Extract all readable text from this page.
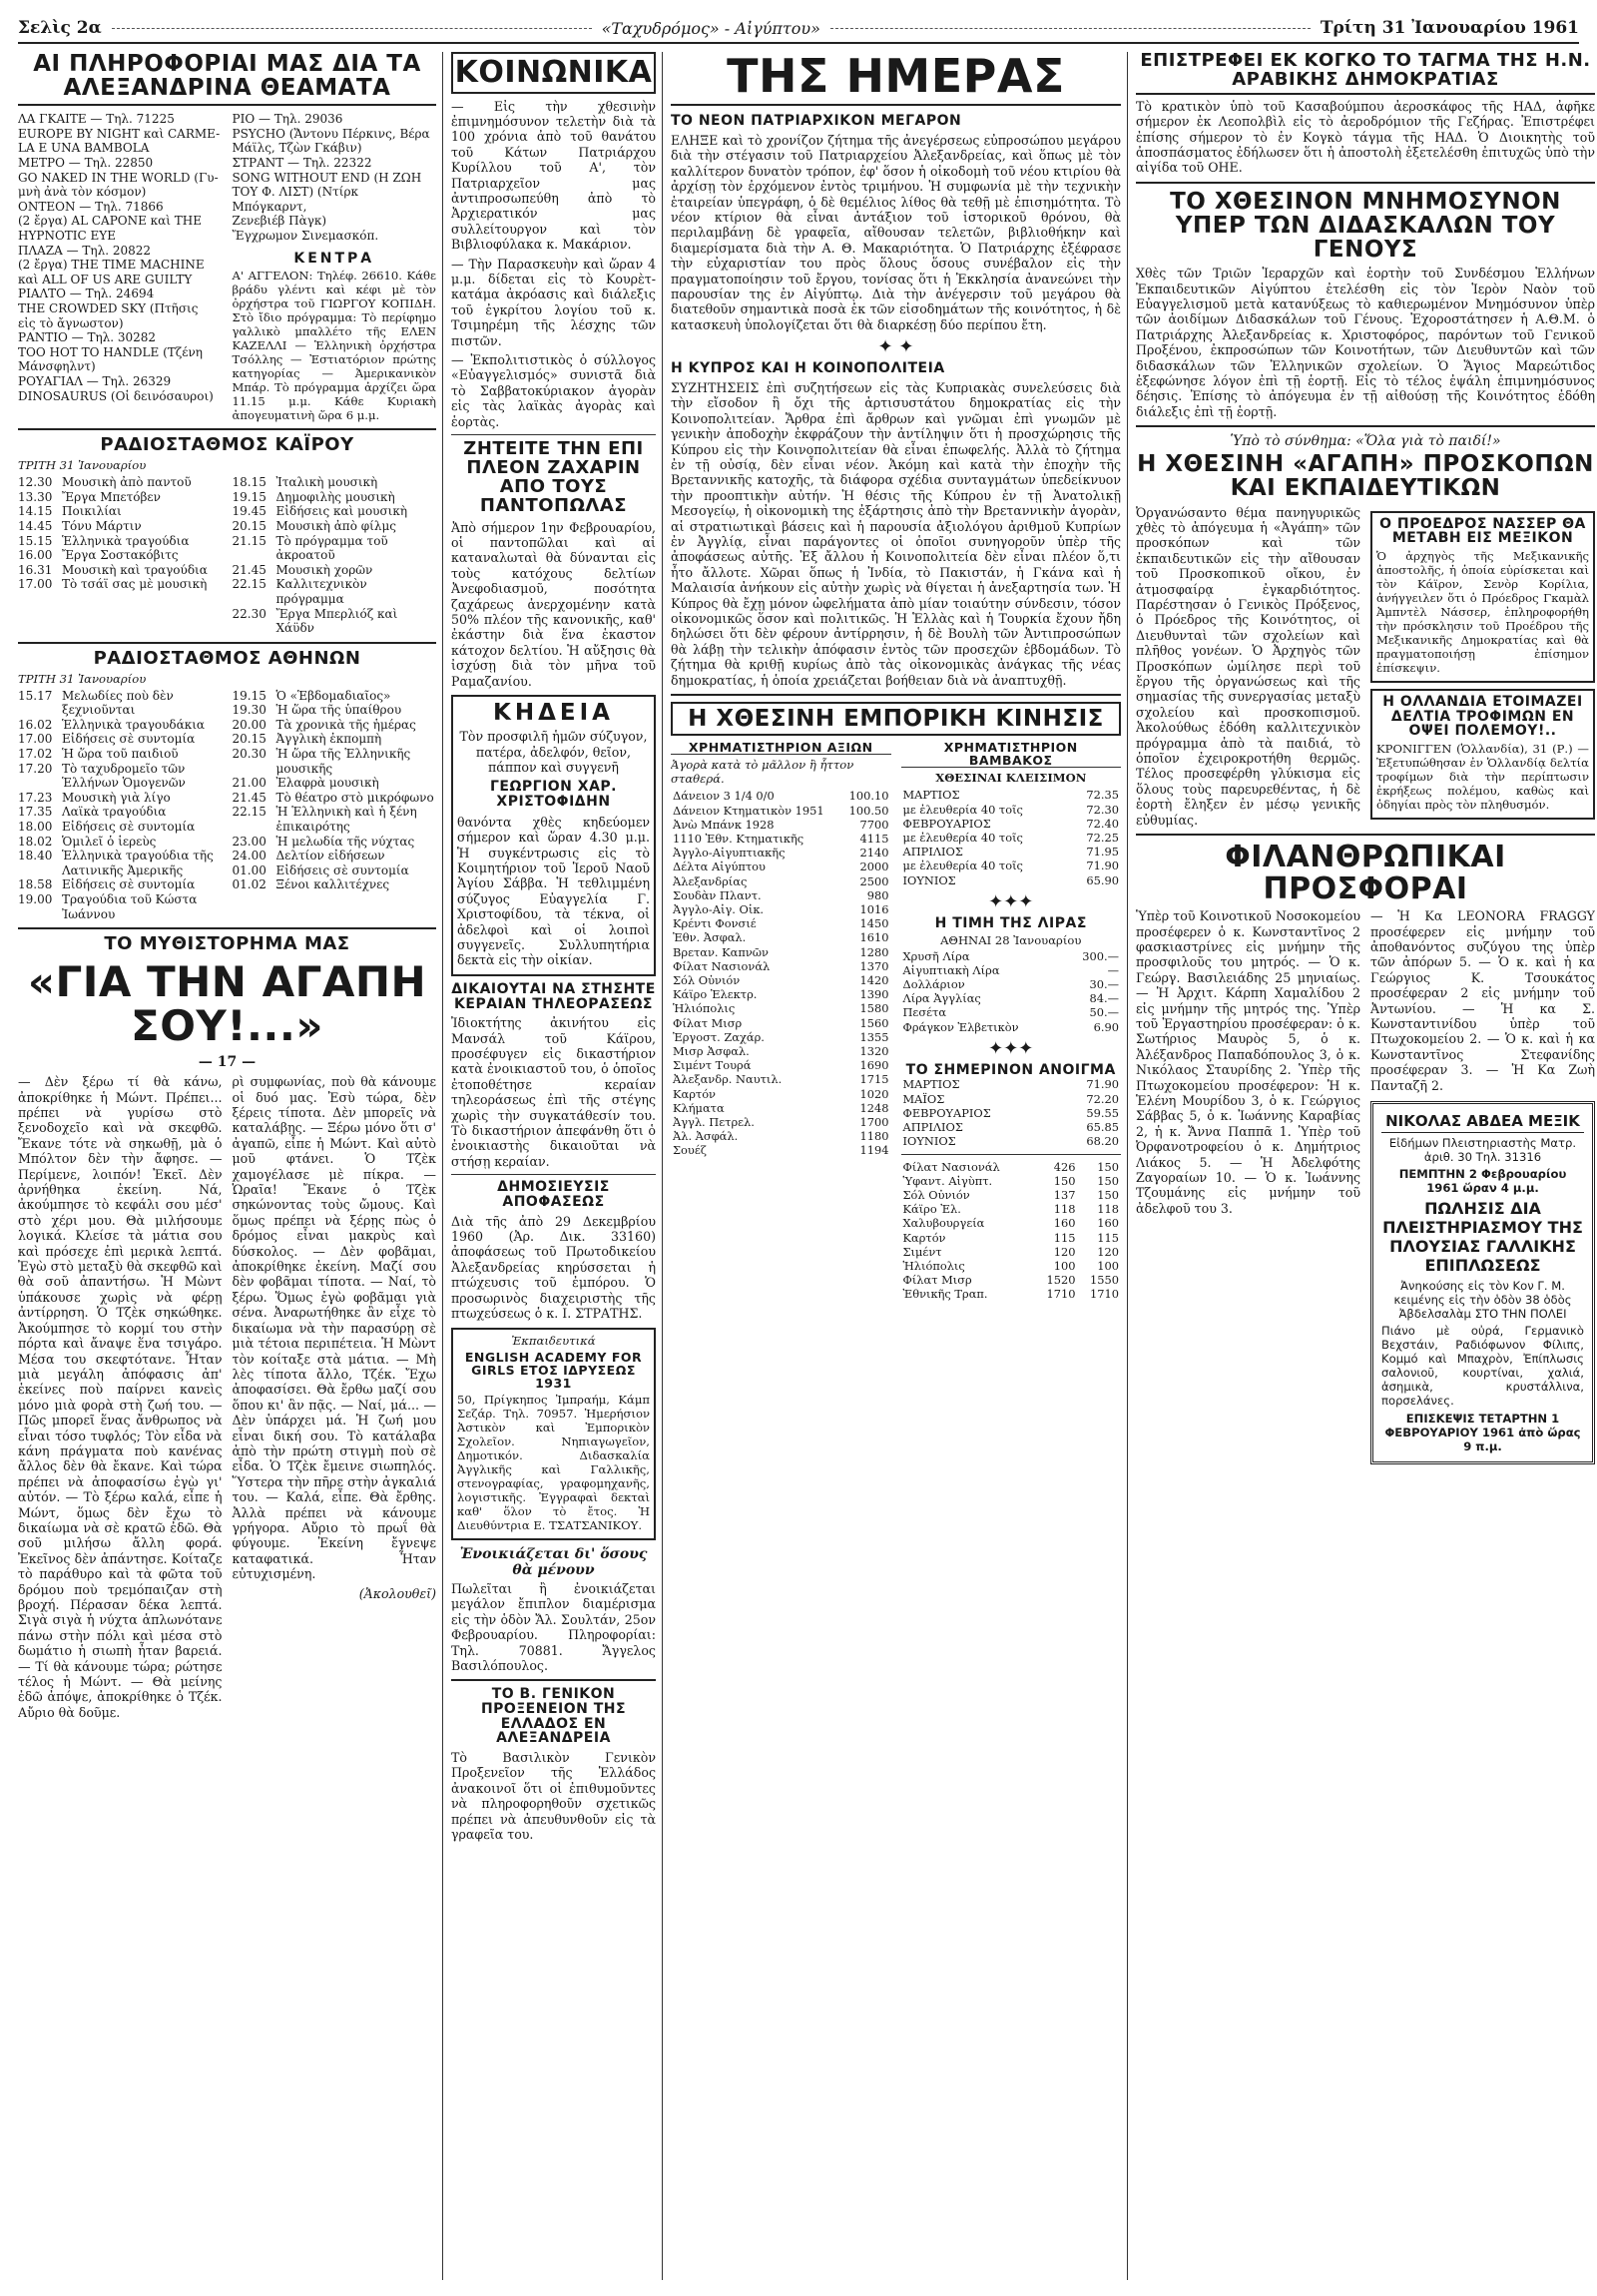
Σελὶς 2α	«Ταχυδρόμος» - Αἰγύπτου»	Τρίτη 31 Ἰανουαρίου 1961
ΑΙ ΠΛΗΡΟΦΟΡΙΑΙ ΜΑΣ ΔΙΑ ΤΑ ΑΛΕΞΑΝΔΡΙΝΑ ΘΕΑΜΑΤΑ
ΛΑ ΓΚΑΙΤΕ — Τηλ. 71225
EUROPE BY NIGHT καὶ CARME-
LA E UNA BAMBOLA
ΜΕΤΡΟ — Τηλ. 22850
GO NAKED IN THE WORLD (Γυ-
μνὴ ἀνὰ τὸν κόσμον)
ΟΝΤΕΟΝ — Τηλ. 71866
(2 ἔργα) AL CAPONE καὶ THE
HYPNOTIC EYE
ΠΛΑΖΑ — Τηλ. 20822
(2 ἔργα) THE TIME MACHINE
καὶ ALL OF US ARE GUILTY
ΡΙΑΛΤΟ — Τηλ. 24694
THE CROWDED SKY (Πτῆσις
εἰς τὸ ἄγνωστον)
ΡΑΝΤΙΟ — Τηλ. 30282
TOO HOT TO HANDLE (Τζένη
Μάνσφηλντ)
ΡΟΥΑΓΙΑΛ — Τηλ. 26329
DINOSAURUS (Οἱ δεινόσαυροι)
ΡΙΟ — Τηλ. 29036
PSYCHO (Ἄντονυ Πέρκινς, Βέρα
Μάϊλς, Τζὼν Γκάβιν)
ΣΤΡΑΝΤ — Τηλ. 22322
SONG WITHOUT END (Η ΖΩΗ
ΤΟΥ Φ. ΛΙΣΤ) (Ντίρκ Μπόγκαρντ,
Ζενεβιέβ Πὰγκ)
Ἔγχρωμον Σινεμασκόπ.
ΚΕΝΤΡΑ
Α' ΑΓΓΕΛΟΝ: Τηλέφ. 26610. Κάθε βράδυ γλέντι καὶ κέφι μὲ τὸν ὀρχήστρα τοῦ ΓΙΩΡΓΟΥ ΚΟΠΙΔΗ. Στὸ ἴδιο πρόγραμμα: Τὸ περίφημο γαλλικὸ μπαλλέτο τῆς ΕΛΕΝ ΚΑΖΕΛΛΙ — Ἑλληνικὴ ὀρχήστρα Τσόλλης — Ἐστιατόριον πρώτης κατηγορίας — Ἀμερικανικὸν Μπάρ. Τὸ πρόγραμμα ἀρχίζει ὥρα 11.15 μ.μ. Κάθε Κυριακὴ ἀπογευματινὴ ὥρα 6 μ.μ.
ΡΑΔΙΟΣΤΑΘΜΟΣ ΚΑΪΡΟΥ
ΤΡΙΤΗ 31 Ἰανουαρίου
12.30 Μουσικὴ ἀπὸ παντοῦ
13.30 Ἔργα Μπετόβεν
14.15 Ποικιλίαι
14.45 Τόνυ Μάρτιν
15.15 Ἑλληνικὰ τραγούδια
16.00 Ἔργα Σοστακόβιτς
16.31 Μουσικὴ καὶ τραγούδια
17.00 Τὸ τσάϊ σας μὲ μουσικὴ
18.15 Ἰταλικὴ μουσικὴ
19.15 Δημοφιλὴς μουσικὴ
19.45 Εἰδήσεις καὶ μουσικὴ
20.15 Μουσικὴ ἀπὸ φίλμς
21.15 Τὸ πρόγραμμα τοῦ ἀκροατοῦ
21.45 Μουσικὴ χορῶν
22.15 Καλλιτεχνικὸν πρόγραμμα
22.30 Ἔργα Μπερλιόζ καὶ Χάϋδν
ΡΑΔΙΟΣΤΑΘΜΟΣ ΑΘΗΝΩΝ
ΤΡΙΤΗ 31 Ἰανουαρίου
15.17 Μελωδίες ποὺ δὲν ξεχνιοῦνται
16.02 Ἑλληνικὰ τραγουδάκια
17.00 Εἰδήσεις σὲ συντομία
17.02 Ἡ ὥρα τοῦ παιδιοῦ
17.20 Τὸ ταχυδρομεῖο τῶν Ἑλλήνων Ὁμογενῶν
17.23 Μουσικὴ γιὰ λίγο
17.35 Λαϊκὰ τραγούδια
18.00 Εἰδήσεις σὲ συντομία
18.02 Ὁμιλεῖ ὁ ἱερεὺς
18.40 Ἑλληνικὰ τραγούδια τῆς Λατινικῆς Ἀμερικῆς
18.58 Εἰδήσεις σὲ συντομία
19.00 Τραγούδια τοῦ Κώστα Ἰωάννου
19.15 Ὁ «Ἑβδομαδιαῖος»
19.30 Ἡ ὥρα τῆς ὑπαίθρου
20.00 Τὰ χρονικὰ τῆς ἡμέρας
20.15 Ἀγγλικὴ ἐκπομπὴ
20.30 Ἡ ὥρα τῆς Ἑλληνικῆς μουσικῆς
21.00 Ἐλαφρὰ μουσικὴ
21.45 Τὸ θέατρο στὸ μικρόφωνο
22.15 Ἡ Ἑλληνικὴ καὶ ἡ ξένη ἐπικαιρότης
23.00 Ἡ μελωδία τῆς νύχτας
24.00 Δελτίον εἰδήσεων
01.00 Εἰδήσεις σὲ συντομία
01.02 Ξένοι καλλιτέχνες
ΤΟ ΜΥΘΙΣΤΟΡΗΜΑ ΜΑΣ
«ΓΙΑ ΤΗΝ ΑΓΑΠΗ ΣΟΥ!...»
— 17 —
— Δὲν ξέρω τί θὰ κάνω, ἀποκρίθηκε ἡ Μώντ. Πρέπει... πρέπει νὰ γυρίσω στὸ ξενοδοχεῖο καὶ νὰ σκεφθῶ. Ἔκανε τότε νὰ σηκωθῇ, μὰ ὁ Μπόλτον δὲν τὴν ἄφησε. — Περίμενε, λοιπόν! Ἐκεῖ. Δὲν ἀρνήθηκα ἐκείνη. Νά, ἀκούμπησε τὸ κεφάλι σου μέσ' στὸ χέρι μου. Θὰ μιλήσουμε λογικά. Κλείσε τὰ μάτια σου καὶ πρόσεχε ἐπὶ μερικὰ λεπτά. Ἐγὼ στὸ μεταξὺ θὰ σκεφθῶ καὶ θὰ σοῦ ἀπαντήσω. Ἡ Μὼντ ὑπάκουσε χωρὶς νὰ φέρῃ ἀντίρρηση. Ὁ Τζὲκ σηκώθηκε. Ἀκούμπησε τὸ κορμί του στὴν πόρτα καὶ ἄναψε ἕνα τσιγάρο. Μέσα του σκεφτότανε. Ἦταν μιὰ μεγάλη ἀπόφασις ἀπ' ἐκείνες ποὺ παίρνει κανεὶς μόνο μιὰ φορὰ στὴ ζωή του. — Πῶς μπορεῖ ἕνας ἄνθρωπος νὰ εἶναι τόσο τυφλός; Τὸν εἶδα νὰ κάνη πράγματα ποὺ κανένας ἄλλος δὲν θὰ ἔκανε. Καὶ τώρα πρέπει νὰ ἀποφασίσω ἐγὼ γι' αὐτόν. — Τὸ ξέρω καλά, εἶπε ἡ Μώντ, ὅμως δὲν ἔχω τὸ δικαίωμα νὰ σὲ κρατῶ ἐδῶ. Θὰ σοῦ μιλήσω ἄλλη φορά. Ἐκεῖνος δὲν ἀπάντησε. Κοίταζε τὸ παράθυρο καὶ τὰ φῶτα τοῦ δρόμου ποὺ τρεμόπαιζαν στὴ βροχή. Πέρασαν δέκα λεπτά. Σιγὰ σιγὰ ἡ νύχτα ἁπλωνότανε πάνω στὴν πόλι καὶ μέσα στὸ δωμάτιο ἡ σιωπὴ ἦταν βαρειά. — Τί θὰ κάνουμε τώρα; ρώτησε τέλος ἡ Μώντ. — Θὰ μείνης ἐδῶ ἀπόψε, ἀποκρίθηκε ὁ Τζέκ. Αὔριο θὰ δοῦμε.
ρὶ συμφωνίας, ποὺ θὰ κάνουμε οἱ δυό μας. Ἐσὺ τώρα, δὲν ξέρεις τίποτα. Δὲν μπορεῖς νὰ καταλάβῃς. — Ξέρω μόνο ὅτι σ' ἀγαπῶ, εἶπε ἡ Μώντ. Καὶ αὐτὸ μοῦ φτάνει. Ὁ Τζὲκ χαμογέλασε μὲ πίκρα. — Ὡραῖα! Ἔκανε ὁ Τζὲκ σηκώνοντας τοὺς ὤμους. Καὶ ὅμως πρέπει νὰ ξέρῃς πὼς ὁ δρόμος εἶναι μακρὺς καὶ δύσκολος. — Δὲν φοβᾶμαι, ἀποκρίθηκε ἐκείνη. Μαζί σου δὲν φοβᾶμαι τίποτα. — Ναί, τὸ ξέρω. Ὅμως ἐγὼ φοβᾶμαι γιὰ σένα. Ἀναρωτήθηκε ἂν εἶχε τὸ δικαίωμα νὰ τὴν παρασύρῃ σὲ μιὰ τέτοια περιπέτεια. Ἡ Μὼντ τὸν κοίταξε στὰ μάτια. — Μὴ λὲς τίποτα ἄλλο, Τζέκ. Ἔχω ἀποφασίσει. Θὰ ἔρθω μαζί σου ὅπου κι' ἂν πᾷς. — Ναί, μά... — Δὲν ὑπάρχει μά. Ἡ ζωή μου εἶναι δική σου. Τὸ κατάλαβα ἀπὸ τὴν πρώτη στιγμὴ ποὺ σὲ εἶδα. Ὁ Τζὲκ ἔμεινε σιωπηλός. Ὕστερα τὴν πῆρε στὴν ἀγκαλιά του. — Καλά, εἶπε. Θὰ ἔρθης. Ἀλλὰ πρέπει νὰ κάνουμε γρήγορα. Αὔριο τὸ πρωΐ θὰ φύγουμε. Ἐκείνη ἔγνεψε καταφατικά. Ἦταν εὐτυχισμένη.
(Ἀκολουθεῖ)
ΚΟΙΝΩΝΙΚΑ
— Εἰς τὴν χθεσινὴν ἐπιμνημόσυνον τελετὴν διὰ τὰ 100 χρόνια ἀπὸ τοῦ θανάτου τοῦ Κάτων Πατριάρχου Κυρίλλου τοῦ Α', τὸν Πατριαρχεῖον μας ἀντιπροσωπεύθη ἀπὸ τὸ Ἀρχιερατικόν μας συλλείτουργον καὶ τὸν Βιβλιοφύλακα κ. Μακάριον.
— Τὴν Παρασκευὴν καὶ ὥραν 4 μ.μ. δίδεται εἰς τὸ Κουρὲτ-κατάμα ἀκρόασις καὶ διάλεξις τοῦ ἐγκρίτου λογίου τοῦ κ. Τσιμηρέμη τῆς λέσχης τῶν πιστῶν.
— Ἐκπολιτιστικὸς ὁ σύλλογος «Εὐαγγελισμός» συνιστᾶ διὰ τὸ Σαββατοκύριακον ἀγορὰν εἰς τὰς λαϊκὰς ἀγορὰς καὶ ἑορτὰς.
ΖΗΤΕΙΤΕ ΤΗΝ ΕΠΙ ΠΛΕΟΝ ΖΑΧΑΡΙΝ ΑΠΟ ΤΟΥΣ ΠΑΝΤΟΠΩΛΑΣ
Ἀπὸ σήμερον 1ην Φεβρουαρίου, οἱ παντοπῶλαι καὶ αἱ καταναλωταὶ θὰ δύνανται εἰς τοὺς κατόχους δελτίων Ἀνεφοδιασμοῦ, ποσότητα ζαχάρεως ἀνερχομένην κατὰ 50% πλέον τῆς κανονικῆς, καθ' ἐκάστην διὰ ἕνα ἑκαστον κάτοχον δελτίου. Ἡ αὔξησις θὰ ἰσχύσῃ διὰ τὸν μῆνα τοῦ Ραμαζανίου.
ΚΗΔΕΙΑ
Τὸν προσφιλῆ ἡμῶν σύζυγον, πατέρα, ἀδελφόν, θεῖον, πάππον καὶ συγγενῆ
ΓΕΩΡΓΙΟΝ ΧΑΡ. ΧΡΙΣΤΟΦΙΔΗΝ
θανόντα χθὲς κηδεύομεν σήμερον καὶ ὥραν 4.30 μ.μ. Ἡ συγκέντρωσις εἰς τὸ Κοιμητήριον τοῦ Ἱεροῦ Ναοῦ Ἁγίου Σάββα. Ἡ τεθλιμμένη σύζυγος Εὐαγγελία Γ. Χριστοφίδου, τὰ τέκνα, οἱ ἀδελφοὶ καὶ οἱ λοιποὶ συγγενεῖς. Συλλυπητήρια δεκτὰ εἰς τὴν οἰκίαν.
ΔΙΚΑΙΟΥΤΑΙ ΝΑ ΣΤΗΣΗΤΕ ΚΕΡΑΙΑΝ ΤΗΛΕΟΡΑΣΕΩΣ
Ἰδιοκτήτης ἀκινήτου εἰς Μανσάλ τοῦ Κάϊρου, προσέφυγεν εἰς δικαστήριον κατὰ ἐνοικιαστοῦ του, ὁ ὁποῖος ἐτοποθέτησε κεραίαν τηλεοράσεως ἐπὶ τῆς στέγης χωρὶς τὴν συγκατάθεσίν του. Τὸ δικαστήριον ἀπεφάνθη ὅτι ὁ ἐνοικιαστὴς δικαιοῦται νὰ στήσῃ κεραίαν.
ΔΗΜΟΣΙΕΥΣΙΣ ΑΠΟΦΑΣΕΩΣ
Διὰ τῆς ἀπὸ 29 Δεκεμβρίου 1960 (Ἀρ. Δικ. 33160) ἀποφάσεως τοῦ Πρωτοδικείου Ἀλεξανδρείας κηρύσσεται ἡ πτώχευσις τοῦ ἐμπόρου. Ὁ προσωρινὸς διαχειριστὴς τῆς πτωχεύσεως ὁ κ. Ι. ΣΤΡΑΤΗΣ.
Ἐκπαιδευτικά
ENGLISH ACADEMY FOR GIRLS ΕΤΟΣ ΙΔΡΥΣΕΩΣ 1931
50, Πρίγκηπος Ἰμπραήμ, Κάμπ Σεζάρ. Τηλ. 70957. Ἡμερήσιον Ἀστικὸν καὶ Ἐμπορικὸν Σχολεῖον. Νηπιαγωγεῖον, Δημοτικόν. Διδασκαλία Ἀγγλικῆς καὶ Γαλλικῆς, στενογραφίας, γραφομηχανῆς, λογιστικῆς. Ἐγγραφαὶ δεκταὶ καθ' ὅλον τὸ ἔτος. Ἡ Διευθύντρια Ε. ΤΣΑΤΣΑΝΙΚΟΥ.
Ἐνοικιάζεται δι' ὅσους θὰ μένουν
Πωλεῖται ἢ ἐνοικιάζεται μεγάλον ἔπιπλον διαμέρισμα εἰς τὴν ὁδὸν Ἄλ. Σουλτάν, 25ον Φεβρουαρίου. Πληροφορίαι: Τηλ. 70881. Ἄγγελος Βασιλόπουλος.
ΤΟ Β. ΓΕΝΙΚΟΝ ΠΡΟΞΕΝΕΙΟΝ ΤΗΣ ΕΛΛΑΔΟΣ ΕΝ ΑΛΕΞΑΝΔΡΕΙΑ
Τὸ Βασιλικὸν Γενικὸν Προξενεῖον τῆς Ἑλλάδος ἀνακοινοῖ ὅτι οἱ ἐπιθυμοῦντες νὰ πληροφορηθοῦν σχετικῶς πρέπει νὰ ἀπευθυνθοῦν εἰς τὰ γραφεῖα του.
ΤΗΣ ΗΜΕΡΑΣ
ΤΟ ΝΕΟΝ ΠΑΤΡΙΑΡΧΙΚΟΝ ΜΕΓΑΡΟΝ
ΕΛΗΞΕ καὶ τὸ χρονίζον ζήτημα τῆς ἀνεγέρσεως εὐπροσώπου μεγάρου διὰ τὴν στέγασιν τοῦ Πατριαρχείου Ἀλεξανδρείας, καὶ ὅπως μὲ τὸν καλλίτερον δυνατὸν τρόπον, ἐφ' ὅσον ἡ οἰκοδομὴ τοῦ νέου κτιρίου θὰ ἀρχίσῃ τὸν ἐρχόμενον ἐντὸς τριμήνου. Ἡ συμφωνία μὲ τὴν τεχνικὴν ἑταιρείαν ὑπεγράφη, ὁ δὲ θεμέλιος λίθος θὰ τεθῇ μὲ ἐπισημότητα. Τὸ νέον κτίριον θὰ εἶναι ἀντάξιον τοῦ ἱστορικοῦ θρόνου, θὰ περιλαμβάνῃ δὲ γραφεῖα, αἴθουσαν τελετῶν, βιβλιοθήκην καὶ διαμερίσματα διὰ τὴν Α. Θ. Μακαριότητα. Ὁ Πατριάρχης ἐξέφρασε τὴν εὐχαριστίαν του πρὸς ὅλους ὅσους συνέβαλον εἰς τὴν πραγματοποίησιν τοῦ ἔργου, τονίσας ὅτι ἡ Ἐκκλησία ἀνανεώνει τὴν παρουσίαν της ἐν Αἰγύπτῳ. Διὰ τὴν ἀνέγερσιν τοῦ μεγάρου θὰ διατεθοῦν σημαντικὰ ποσὰ ἐκ τῶν εἰσοδημάτων τῆς κοινότητος, ἡ δὲ κατασκευὴ ὑπολογίζεται ὅτι θὰ διαρκέσῃ δύο περίπου ἔτη.
✦ ✦
Η ΚΥΠΡΟΣ ΚΑΙ Η ΚΟΙΝΟΠΟΛΙΤΕΙΑ
ΣΥΖΗΤΗΣΕΙΣ ἐπὶ συζητήσεων εἰς τὰς Κυπριακὰς συνελεύσεις διὰ τὴν εἴσοδον ἢ ὄχι τῆς ἀρτισυστάτου δημοκρατίας εἰς τὴν Κοινοπολιτείαν. Ἄρθρα ἐπὶ ἄρθρων καὶ γνῶμαι ἐπὶ γνωμῶν μὲ γενικὴν ἀποδοχὴν ἐκφράζουν τὴν ἀντίληψιν ὅτι ἡ προσχώρησις τῆς Κύπρου εἰς τὴν Κοινοπολιτείαν θὰ εἶναι ἐπωφελής. Ἀλλὰ τὸ ζήτημα ἐν τῇ οὐσίᾳ, δὲν εἶναι νέον. Ἀκόμη καὶ κατὰ τὴν ἐποχὴν τῆς Βρεταννικῆς κατοχῆς, τὰ διάφορα σχέδια συνταγμάτων ὑπεδείκνυον τὴν προοπτικὴν αὐτήν. Ἡ θέσις τῆς Κύπρου ἐν τῇ Ἀνατολικῇ Μεσογείῳ, ἡ οἰκονομικὴ της ἐξάρτησις ἀπὸ τὴν Βρεταννικὴν ἀγορὰν, αἱ στρατιωτικαὶ βάσεις καὶ ἡ παρουσία ἀξιολόγου ἀριθμοῦ Κυπρίων ἐν Ἀγγλίᾳ, εἶναι παράγοντες οἱ ὁποῖοι συνηγοροῦν ὑπὲρ τῆς ἀποφάσεως αὐτῆς. Ἐξ ἄλλου ἡ Κοινοπολιτεία δὲν εἶναι πλέον ὅ,τι ἦτο ἄλλοτε. Χῶραι ὅπως ἡ Ἰνδία, τὸ Πακιστάν, ἡ Γκάνα καὶ ἡ Μαλαισία ἀνήκουν εἰς αὐτὴν χωρὶς νὰ θίγεται ἡ ἀνεξαρτησία των. Ἡ Κύπρος θὰ ἔχῃ μόνον ὠφελήματα ἀπὸ μίαν τοιαύτην σύνδεσιν, τόσον οἰκονομικῶς ὅσον καὶ πολιτικῶς. Ἡ Ἑλλὰς καὶ ἡ Τουρκία ἔχουν ἤδη δηλώσει ὅτι δὲν φέρουν ἀντίρρησιν, ἡ δὲ Βουλὴ τῶν Ἀντιπροσώπων θὰ λάβῃ τὴν τελικὴν ἀπόφασιν ἐντὸς τῶν προσεχῶν ἑβδομάδων. Τὸ ζήτημα θὰ κριθῇ κυρίως ἀπὸ τὰς οἰκονομικὰς ἀνάγκας τῆς νέας δημοκρατίας, ἡ ὁποία χρειάζεται βοήθειαν διὰ νὰ ἀναπτυχθῇ.
Η ΧΘΕΣΙΝΗ ΕΜΠΟΡΙΚΗ ΚΙΝΗΣΙΣ
ΧΡΗΜΑΤΙΣΤΗΡΙΟΝ ΑΞΙΩΝ
Ἀγορὰ κατὰ τὸ μᾶλλον ἢ ἧττον σταθερά.
Δάνειον 3 1/4 0/0	100.10
Δάνειον Κτηματικὸν 1951	100.50
Ἀνὼ Μπάνκ 1928	7700
1110 Ἐθν. Κτηματικῆς	4115
Ἀγγλο-Αἰγυπτιακῆς	2140
Δέλτα Αἰγύπτου	2000
Ἀλεξανδρίας	2500
Σουδὰν Πλαντ.	980
Ἀγγλο-Αἰγ. Οἰκ.	1016
Κρέντι Φονσιέ	1450
Ἐθν. Ἀσφαλ.	1610
Βρεταν. Καπνῶν	1280
Φίλατ Νασιονάλ	1370
Σόλ Οὐνιόν	1420
Κάϊρο Ἐλεκτρ.	1390
Ἡλιόπολις	1580
Φίλατ Μισρ	1560
Ἐργοστ. Ζαχάρ.	1355
Μισρ Ἀσφαλ.	1320
Σιμέντ Τουρά	1690
Ἀλεξανδρ. Ναυτιλ.	1715
Καρτόν	1020
Κλήματα	1248
Ἀγγλ. Πετρελ.	1700
Ἀλ. Ἀσφάλ.	1180
Σουέζ	1194
ΧΡΗΜΑΤΙΣΤΗΡΙΟΝ ΒΑΜΒΑΚΟΣ
ΧΘΕΣΙΝΑΙ ΚΛΕΙΣΙΜΟΝ
ΜΑΡΤΙΟΣ	72.35
με ἐλευθερία 40 τοῖς	72.30
ΦΕΒΡΟΥΑΡΙΟΣ	72.40
με ἐλευθερία 40 τοῖς	72.25
ΑΠΡΙΛΙΟΣ	71.95
με ἐλευθερία 40 τοῖς	71.90
ΙΟΥΝΙΟΣ	65.90
✦✦✦
Η ΤΙΜΗ ΤΗΣ ΛΙΡΑΣ
ΑΘΗΝΑΙ 28 Ἰανουαρίου
Χρυσῆ Λίρα	300.—
Αἰγυπτιακὴ Λίρα	—
Δολλάριον	30.—
Λίρα Ἀγγλίας	84.—
Πεσέτα	50.—
Φράγκον Ἑλβετικὸν	6.90
✦✦✦
ΤΟ ΣΗΜΕΡΙΝΟΝ ΑΝΟΙΓΜΑ
ΜΑΡΤΙΟΣ	71.90
ΜΑΪΟΣ	72.20
ΦΕΒΡΟΥΑΡΙΟΣ	59.55
ΑΠΡΙΛΙΟΣ	65.85
ΙΟΥΝΙΟΣ	68.20
Φίλατ Νασιονάλ	426	150
Ὑφαντ. Αἰγὺπτ.	150	150
Σόλ Οὐνιόν	137	150
Κάϊρο Ἐλ.	118	118
Χαλυβουργεία	160	160
Καρτόν	115	115
Σιμέντ	120	120
Ἡλιόπολις	100	100
Φίλατ Μισρ	1520	1550
Ἐθνικῆς Τραπ.	1710	1710
ΕΠΙΣΤΡΕΦΕΙ ΕΚ ΚΟΓΚΟ ΤΟ ΤΑΓΜΑ ΤΗΣ Η.Ν. ΑΡΑΒΙΚΗΣ ΔΗΜΟΚΡΑΤΙΑΣ
Τὸ κρατικὸν ὑπὸ τοῦ Κασαβούμπου ἀεροσκάφος τῆς ΗΑΔ, ἀφῆκε σήμερον ἐκ Λεοπολβὶλ εἰς τὸ ἀεροδρόμιον τῆς Γεζήρας. Ἐπιστρέφει ἐπίσης σήμερον τὸ ἐν Κογκὸ τάγμα τῆς ΗΑΔ. Ὁ Διοικητὴς τοῦ ἀποσπάσματος ἐδήλωσεν ὅτι ἡ ἀποστολὴ ἐξετελέσθη ἐπιτυχῶς ὑπὸ τὴν αἰγίδα τοῦ ΟΗΕ.
ΤΟ ΧΘΕΣΙΝΟΝ ΜΝΗΜΟΣΥΝΟΝ ΥΠΕΡ ΤΩΝ ΔΙΔΑΣΚΑΛΩΝ ΤΟΥ ΓΕΝΟΥΣ
Χθὲς τῶν Τριῶν Ἱεραρχῶν καὶ ἑορτὴν τοῦ Συνδέσμου Ἑλλήνων Ἐκπαιδευτικῶν Αἰγύπτου ἐτελέσθη εἰς τὸν Ἱερὸν Ναὸν τοῦ Εὐαγγελισμοῦ μετὰ κατανύξεως τὸ καθιερωμένον Μνημόσυνον ὑπὲρ τῶν ἀοιδίμων Διδασκάλων τοῦ Γένους. Ἐχοροστάτησεν ἡ Α.Θ.Μ. ὁ Πατριάρχης Ἀλεξανδρείας κ. Χριστοφόρος, παρόντων τοῦ Γενικοῦ Προξένου, ἐκπροσώπων τῶν Κοινοτήτων, τῶν Διευθυντῶν καὶ τῶν διδασκάλων τῶν Ἑλληνικῶν σχολείων. Ὁ Ἅγιος Μαρεώτιδος ἐξεφώνησε λόγον ἐπὶ τῇ ἑορτῇ. Εἰς τὸ τέλος ἐψάλη ἐπιμνημόσυνος δέησις. Ἐπίσης τὸ ἀπόγευμα ἐν τῇ αἰθούσῃ τῆς Κοινότητος ἐδόθη διάλεξις ἐπὶ τῇ ἑορτῇ.
Ὑπὸ τὸ σύνθημα: «Ὅλα γιὰ τὸ παιδί!»
Η ΧΘΕΣΙΝΗ «ΑΓΑΠΗ» ΠΡΟΣΚΟΠΩΝ ΚΑΙ ΕΚΠΑΙΔΕΥΤΙΚΩΝ
Ὀργανώσαντο θέμα πανηγυρικῶς χθὲς τὸ ἀπόγευμα ἡ «Ἀγάπη» τῶν προσκόπων καὶ τῶν ἐκπαιδευτικῶν εἰς τὴν αἴθουσαν τοῦ Προσκοπικοῦ οἴκου, ἐν ἀτμοσφαίρᾳ ἐγκαρδιότητος. Παρέστησαν ὁ Γενικὸς Πρόξενος, ὁ Πρόεδρος τῆς Κοινότητος, οἱ Διευθυνταὶ τῶν σχολείων καὶ πλῆθος γονέων. Ὁ Ἀρχηγὸς τῶν Προσκόπων ὡμίλησε περὶ τοῦ ἔργου τῆς ὀργανώσεως καὶ τῆς σημασίας τῆς συνεργασίας μεταξὺ σχολείου καὶ προσκοπισμοῦ. Ἀκολούθως ἐδόθη καλλιτεχνικὸν πρόγραμμα ἀπὸ τὰ παιδιά, τὸ ὁποῖον ἐχειροκροτήθη θερμῶς. Τέλος προσεφέρθη γλύκισμα εἰς ὅλους τοὺς παρευρεθέντας, ἡ δὲ ἑορτὴ ἔληξεν ἐν μέσῳ γενικῆς εὐθυμίας.
Ο ΠΡΟΕΔΡΟΣ ΝΑΣΣΕΡ ΘΑ ΜΕΤΑΒΗ ΕΙΣ ΜΕΞΙΚΟΝ
Ὁ ἀρχηγὸς τῆς Μεξικανικῆς ἀποστολῆς, ἡ ὁποία εὑρίσκεται καὶ τὸν Κάϊρον, Σενὸρ Κορίλια, ἀνήγγειλεν ὅτι ὁ Πρόεδρος Γκαμὰλ Ἀμπντὲλ Νάσσερ, ἐπληροφορήθη τὴν πρόσκλησιν τοῦ Προέδρου τῆς Μεξικανικῆς Δημοκρατίας καὶ θὰ πραγματοποιήσῃ ἐπίσημον ἐπίσκεψιν.
Η ΟΛΛΑΝΔΙΑ ΕΤΟΙΜΑΖΕΙ ΔΕΛΤΙΑ ΤΡΟΦΙΜΩΝ ΕΝ ΟΨΕΙ ΠΟΛΕΜΟΥ!..
ΚΡΟΝΙΓΓΕΝ (Ὁλλανδία), 31 (Ρ.) — Ἐξετυπώθησαν ἐν Ὁλλανδίᾳ δελτία τροφίμων διὰ τὴν περίπτωσιν ἐκρήξεως πολέμου, καθὼς καὶ ὁδηγίαι πρὸς τὸν πληθυσμόν.
ΦΙΛΑΝΘΡΩΠΙΚΑΙ ΠΡΟΣΦΟΡΑΙ
Ὑπὲρ τοῦ Κοινοτικοῦ Νοσοκομείου προσέφερεν ὁ κ. Κωνσταντῖνος 2 φασκιαστρίνες εἰς μνήμην τῆς προσφιλοῦς του μητρός. — Ὁ κ. Γεώργ. Βασιλειάδης 25 μηνιαίως. — Ἡ Ἀρχιτ. Κάρπη Χαμαλίδου 2 εἰς μνήμην τῆς μητρός της. Ὑπὲρ τοῦ Ἐργαστηρίου προσέφεραν: ὁ κ. Σωτήριος Μαυρὸς 5, ὁ κ. Ἀλέξανδρος Παπαδόπουλος 3, ὁ κ. Νικόλαος Σταυρίδης 2. Ὑπὲρ τῆς Πτωχοκομείου προσέφερον: Ἡ κ. Ἑλένη Μουρίδου 3, ὁ κ. Γεώργιος Σάββας 5, ὁ κ. Ἰωάννης Καραβίας 2, ἡ κ. Ἄννα Παππᾶ 1. Ὑπὲρ τοῦ Ὀρφανοτροφείου ὁ κ. Δημήτριος Λιάκος 5. — Ἡ Ἀδελφότης Ζαγοραίων 10. — Ὁ κ. Ἰωάννης Τζουμάνης εἰς μνήμην τοῦ ἀδελφοῦ του 3.
— Ἡ Κα LEONORA FRAGGY προσέφερεν εἰς μνήμην τοῦ ἀποθανόντος συζύγου της ὑπὲρ τῶν ἀπόρων 5. — Ὁ κ. καὶ ἡ κα Γεώργιος Κ. Τσουκάτος προσέφεραν 2 εἰς μνήμην τοῦ Ἀντωνίου. — Ἡ κα Σ. Κωνσταντινίδου ὑπὲρ τοῦ Πτωχοκομείου 2. — Ὁ κ. καὶ ἡ κα Κωνσταντῖνος Στεφανίδης προσέφεραν 3. — Ἡ Κα Ζωὴ Πανταζῆ 2.
ΝΙΚΟΛΑΣ ΑΒΔΕΑ ΜΕΞΙΚ
Εἰδήμων Πλειστηριαστὴς Ματρ. ἀριθ. 30 Τηλ. 31316
ΠΕΜΠΤΗΝ 2 Φεβρουαρίου 1961 ὥραν 4 μ.μ.
ΠΩΛΗΣΙΣ ΔΙΑ ΠΛΕΙΣΤΗΡΙΑΣΜΟΥ ΤΗΣ ΠΛΟΥΣΙΑΣ ΓΑΛΛΙΚΗΣ ΕΠΙΠΛΩΣΕΩΣ
Ἀνηκούσης εἰς τὸν Κον Γ. Μ. κειμένης εἰς τὴν ὁδὸν 38 ὁδὸς Ἀβδελσαλὰμ ΣΤΟ ΤΗΝ ΠΟΛΕΙ
Πιάνο μὲ οὐρά, Γερμανικὸ Βεχστάιν, Ραδιόφωνον Φίλιπς, Κομμό καὶ Μπαχρὸν, Ἐπίπλωσις σαλονιοῦ, κουρτίναι, χαλιά, ἀσημικὰ, κρυστάλλινα, πορσελάνες.
ΕΠΙΣΚΕΨΙΣ ΤΕΤΑΡΤΗΝ 1 ΦΕΒΡΟΥΑΡΙΟΥ 1961 ἀπὸ ὥρας 9 π.μ.
